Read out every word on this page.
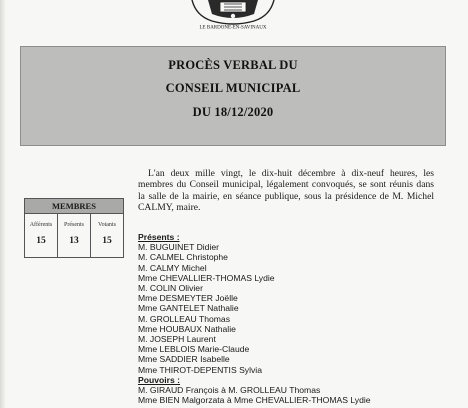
LE BARDONÉ-EN-SAVINAUX
PROCÈS VERBAL DU
CONSEIL MUNICIPAL
DU 18/12/2020
L'an deux mille vingt, le dix-huit décembre à dix-neuf heures, les membres du Conseil municipal, légalement convoqués, se sont réunis dans la salle de la mairie, en séance publique, sous la présidence de M. Michel CALMY, maire.
MEMBRES
Afférents
15
Présents
13
Votants
15	Présents :
M. BUGUINET Didier
M. CALMEL Christophe
M. CALMY Michel
Mme CHEVALLIER-THOMAS Lydie
M. COLIN Olivier
Mme DESMEYTER Joëlle
Mme GANTELET Nathalie
M. GROLLEAU Thomas
Mme HOUBAUX Nathalie
M. JOSEPH Laurent
Mme LEBLOIS Marie-Claude
Mme SADDIER Isabelle
Mme THIROT-DEPENTIS Sylvia
Pouvoirs :
M. GIRAUD François à M. GROLLEAU Thomas
Mme BIEN Malgorzata à Mme CHEVALLIER-THOMAS Lydie
